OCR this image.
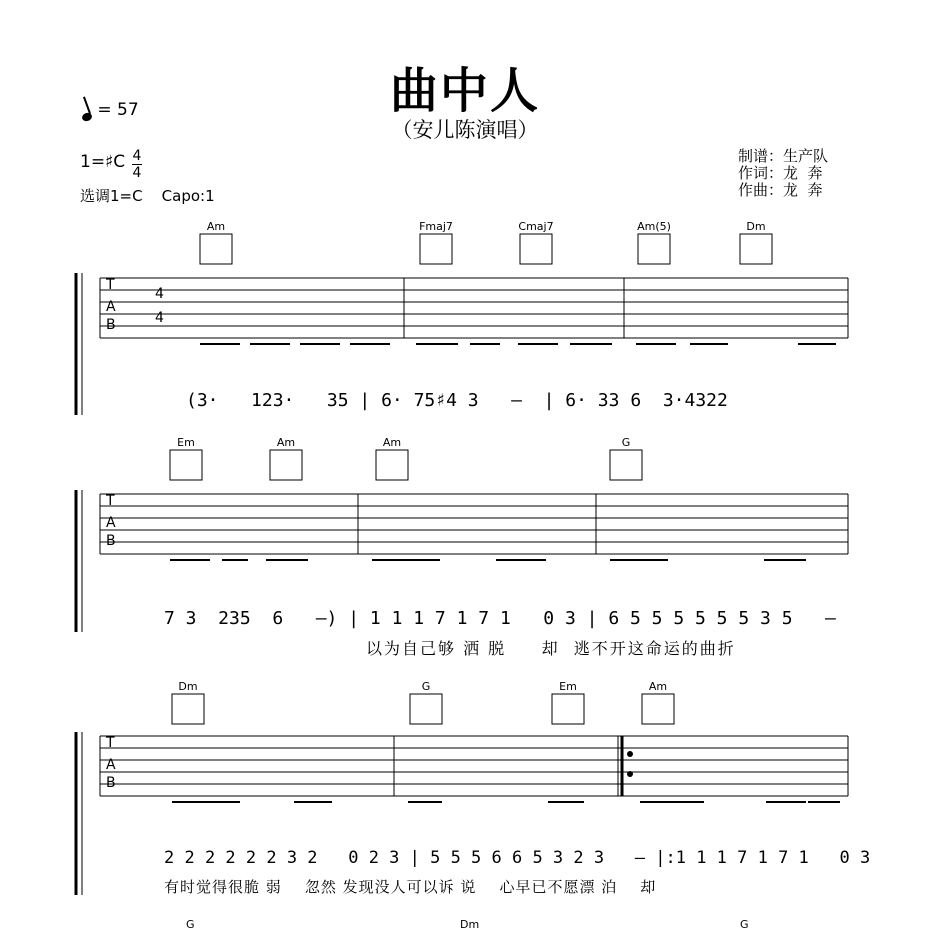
曲中人
（安儿陈演唱）
= 57
1=♯C 4
4
选调1=C    Capo:1
制谱：生产队
作词：龙  奔
作曲：龙  奔
T
A
B
4
4
T
A
B
T
A
B
Am	Fmaj7	Cmaj7	Am(5)	Dm
Em	Am	Am	G
Dm	G	Em	Am
(3·   123·   35 | 6· 75♯4 3   —  | 6· 33 6  3·4322
7 3  235  6   —) | 1 1 1 7 1 7 1   0 3 | 6 5 5 5 5 5 5 3 5   —
以为自己够 洒 脱     却  逃不开这命运的曲折
2 2 2 2 2 2 3 2   0 2 3 | 5 5 5 6 6 5 3 2 3   — |:1 1 1 7 1 7 1   0 3
有时觉得很脆 弱    忽然 发现没人可以诉 说    心早已不愿漂 泊    却
G	Dm	G
